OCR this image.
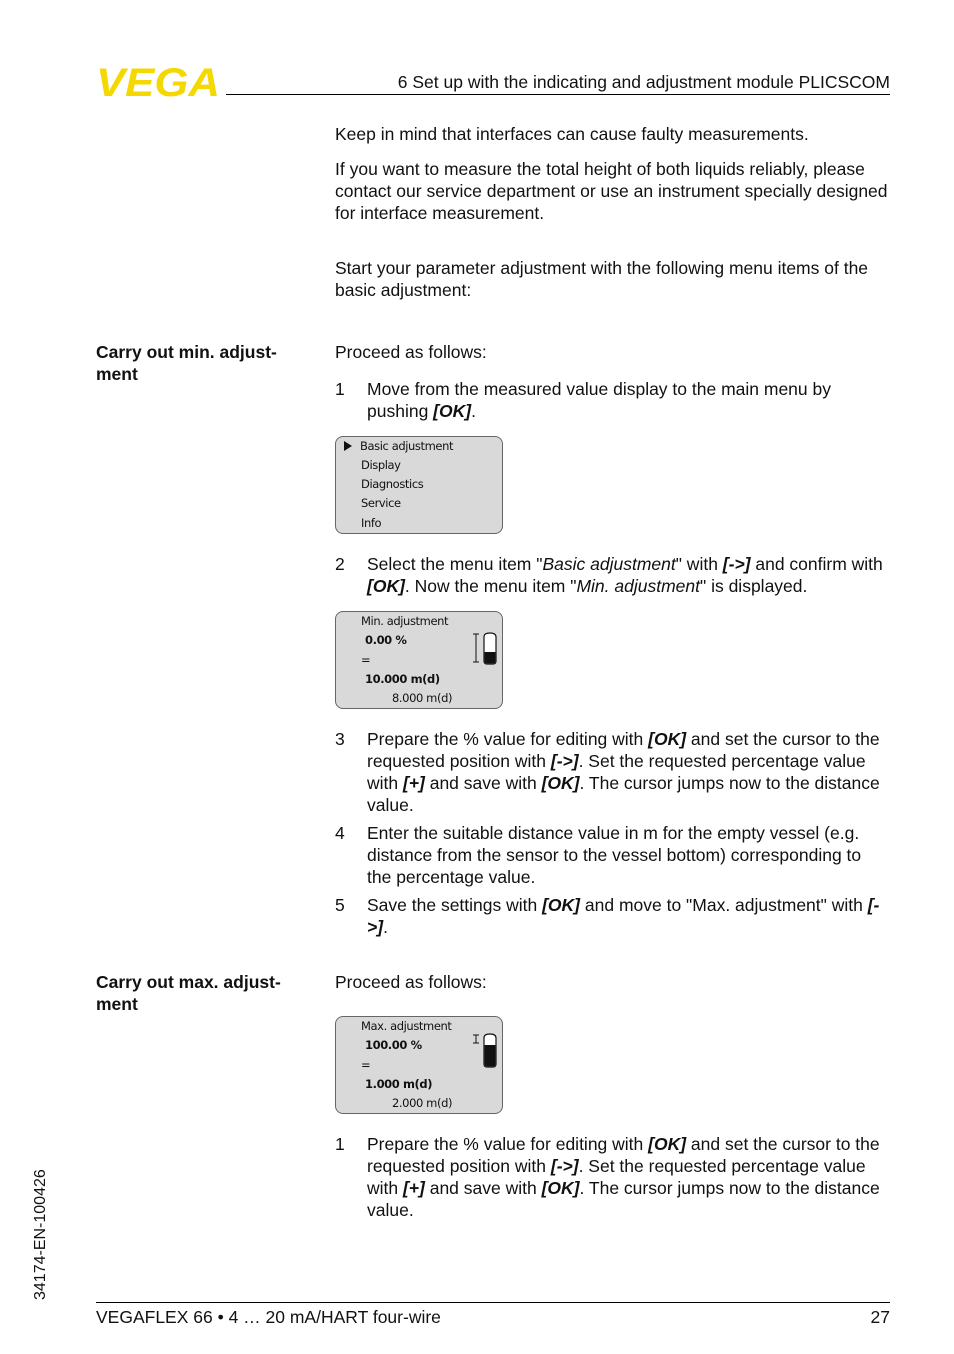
VEGA	6 Set up with the indicating and adjustment module PLICSCOM

Keep in mind that interfaces can cause faulty measurements.

If you want to measure the total height of both liquids reliably, please contact our service department or use an instrument specially designed for interface measurement.

Start your parameter adjustment with the following menu items of the basic adjustment:

Carry out min. adjust-
ment

Proceed as follows:

1	Move from the measured value display to the main menu by pushing [OK].
Basic adjustment
Display
Diagnostics
Service
Info
2	Select the menu item "Basic adjustment" with [->] and confirm with [OK]. Now the menu item "Min. adjustment" is displayed.
Min. adjustment
0.00 %
=
10.000 m(d)
8.000 m(d)
3	Prepare the % value for editing with [OK] and set the cursor to the requested position with [->]. Set the requested percentage value with [+] and save with [OK]. The cursor jumps now to the distance value.
4	Enter the suitable distance value in m for the empty vessel (e.g. distance from the sensor to the vessel bottom) corresponding to the percentage value.
5	Save the settings with [OK] and move to "Max. adjustment" with [->].
Carry out max. adjust-
ment

Proceed as follows:

Max. adjustment
100.00 %
=
1.000 m(d)
2.000 m(d)
1	Prepare the % value for editing with [OK] and set the cursor to the requested position with [->]. Set the requested percentage value with [+] and save with [OK]. The cursor jumps now to the distance value.
34174-EN-100426
VEGAFLEX 66 • 4 … 20 mA/HART four-wire	27
